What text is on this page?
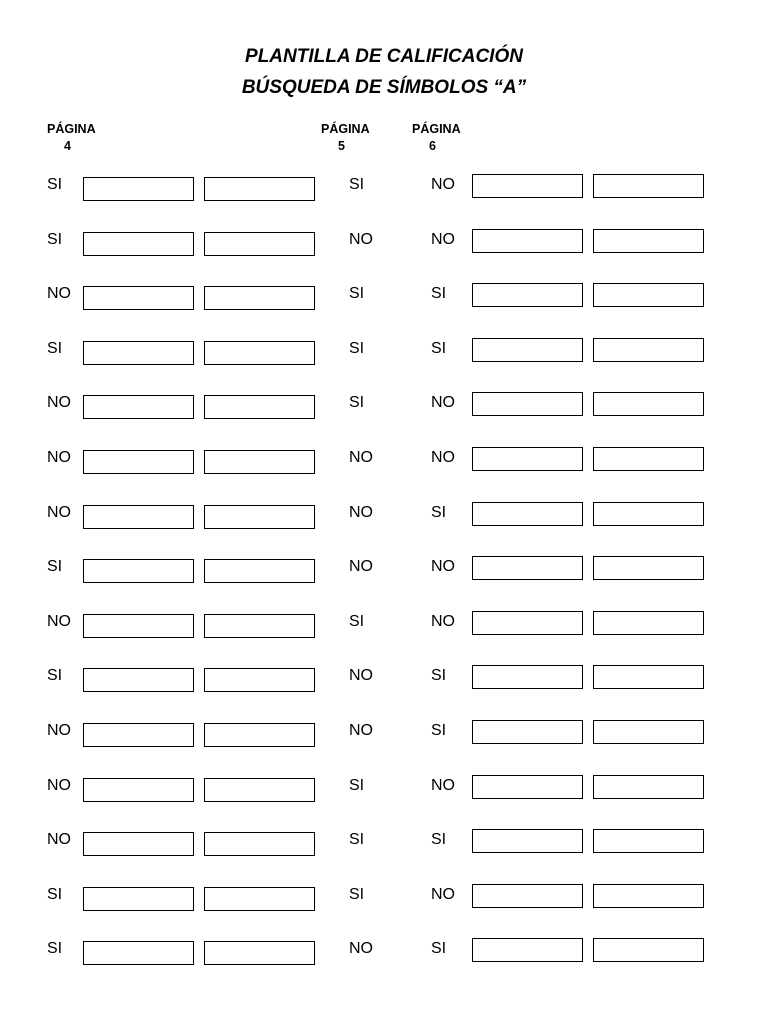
PLANTILLA DE CALIFICACIÓN
BÚSQUEDA DE SÍMBOLOS “A”
PÁGINA
4
PÁGINA
5
PÁGINA
6
SI	SI	NO
SI	NO	NO
NO	SI	SI
SI	SI	SI
NO	SI	NO
NO	NO	NO
NO	NO	SI
SI	NO	NO
NO	SI	NO
SI	NO	SI
NO	NO	SI
NO	SI	NO
NO	SI	SI
SI	SI	NO
SI	NO	SI
